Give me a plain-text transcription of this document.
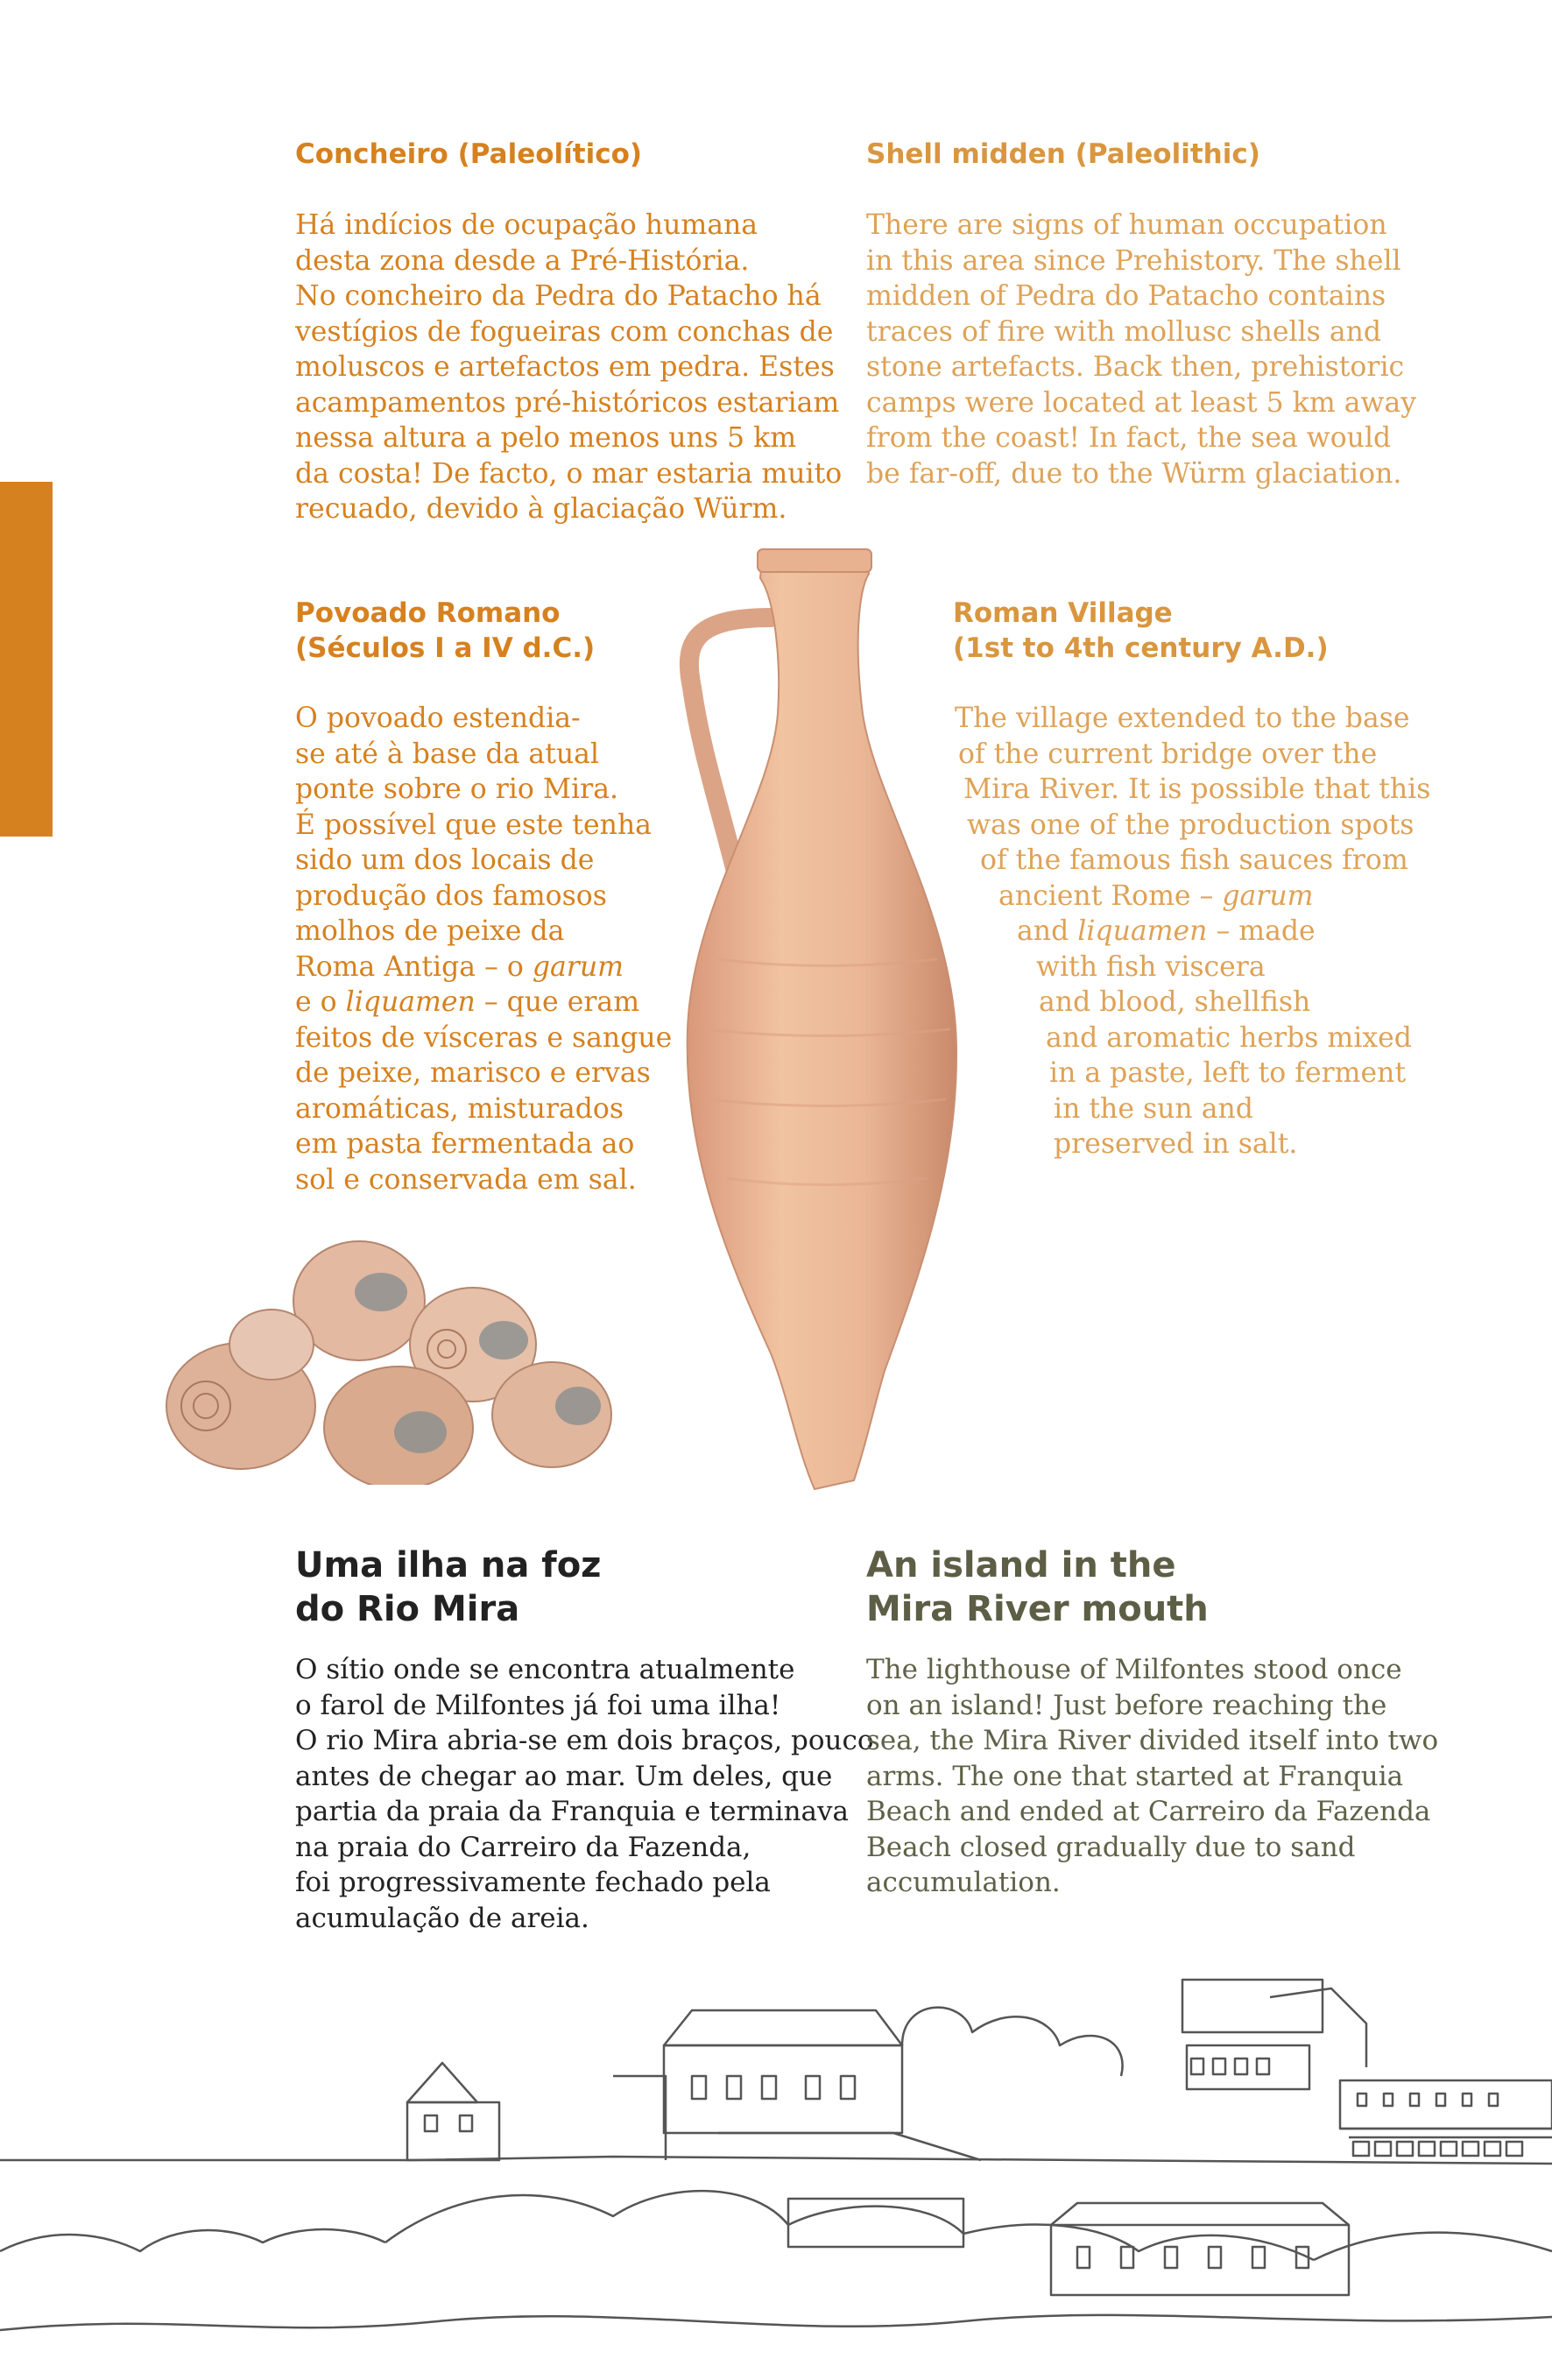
Concheiro (Paleolítico)	Shell midden (Paleolithic)

Há indícios de ocupação humana
desta zona desde a Pré-História.
No concheiro da Pedra do Patacho há
vestígios de fogueiras com conchas de
moluscos e artefactos em pedra. Estes
acampamentos pré-históricos estariam
nessa altura a pelo menos uns 5 km
da costa! De facto, o mar estaria muito
recuado, devido à glaciação Würm.

There are signs of human occupation
in this area since Prehistory. The shell
midden of Pedra do Patacho contains
traces of fire with mollusc shells and
stone artefacts. Back then, prehistoric
camps were located at least 5 km away
from the coast! In fact, the sea would
be far-off, due to the Würm glaciation.

Povoado Romano
(Séculos I a IV d.C.)
Roman Village
(1st to 4th century A.D.)

O povoado estendia-
se até à base da atual
ponte sobre o rio Mira.
É possível que este tenha
sido um dos locais de
produção dos famosos
molhos de peixe da
Roma Antiga – o garum
e o liquamen – que eram
feitos de vísceras e sangue
de peixe, marisco e ervas
aromáticas, misturados
em pasta fermentada ao
sol e conservada em sal.

The village extended to the base
of the current bridge over the
Mira River. It is possible that this
was one of the production spots
of the famous fish sauces from
ancient Rome – garum
and liquamen – made
with fish viscera
and blood, shellfish
and aromatic herbs mixed
in a paste, left to ferment
in the sun and
preserved in salt.

Uma ilha na foz
do Rio Mira
An island in the
Mira River mouth

O sítio onde se encontra atualmente
o farol de Milfontes já foi uma ilha!
O rio Mira abria-se em dois braços, pouco
antes de chegar ao mar. Um deles, que
partia da praia da Franquia e terminava
na praia do Carreiro da Fazenda,
foi progressivamente fechado pela
acumulação de areia.

The lighthouse of Milfontes stood once
on an island! Just before reaching the
sea, the Mira River divided itself into two
arms. The one that started at Franquia
Beach and ended at Carreiro da Fazenda
Beach closed gradually due to sand
accumulation.
